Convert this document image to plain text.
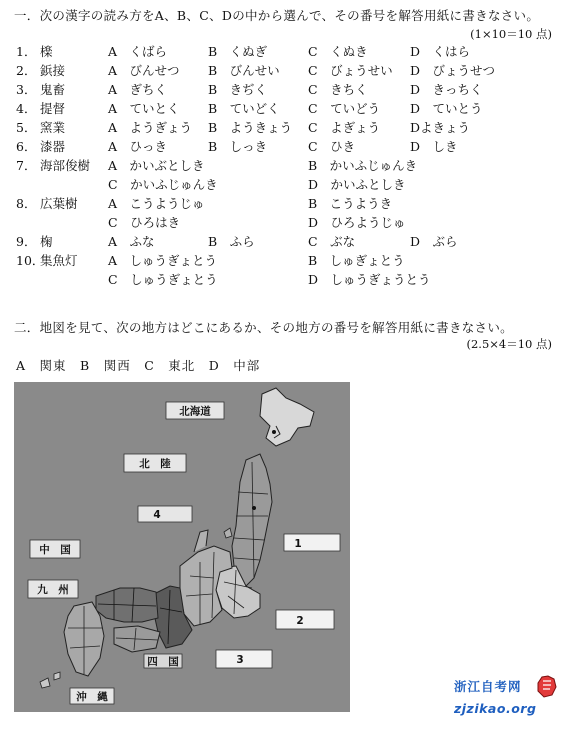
一．次の漢字の読み方をA、B、C、Dの中から選んで、その番号を解答用紙に書きなさい。
(1×10＝10 点)
1． 檪	A　くばら	B　くぬぎ	C　くぬき	D　くはら
2． 鋲接	A　びんせつ B　びんせい C　びょうせい D　びょうせつ
3． 鬼畜	A　ぎちく	B　きぢく	C　きちく	D　きっちく
4． 提督	A　ていとく B　ていどく C　ていどう D　ていとう
5． 窯業	A　ようぎょう B　ようきょう C　よぎょう Dよきょう
6． 漆器	A　ひっき	B　しっき	C　ひき	D　しき
7． 海部俊樹 A　かいぶとしき	B　かいふじゅんき
C　かいふじゅんき	D　かいふとしき
8． 広葉樹 A　こうようじゅ	B　こうようき
C　ひろはき	D　ひろようじゅ
9． 椈	A　ふな	B　ふら	C　ぶな	D　ぶら
10．
集魚灯 A　しゅうぎょとう	B　しゅぎょとう
C　しゅうぎょとう	D　しゅうぎょうとう
二．地図を見て、次の地方はどこにあるか、その地方の番号を解答用紙に書きなさい。
(2.5×4＝10 点)
A　関東　B　関西　C　東北　D　中部
北海道
北　陸
4
1
中　国
九　州
2
四　国	3
沖　縄
浙江自考网
zjzikao.org
